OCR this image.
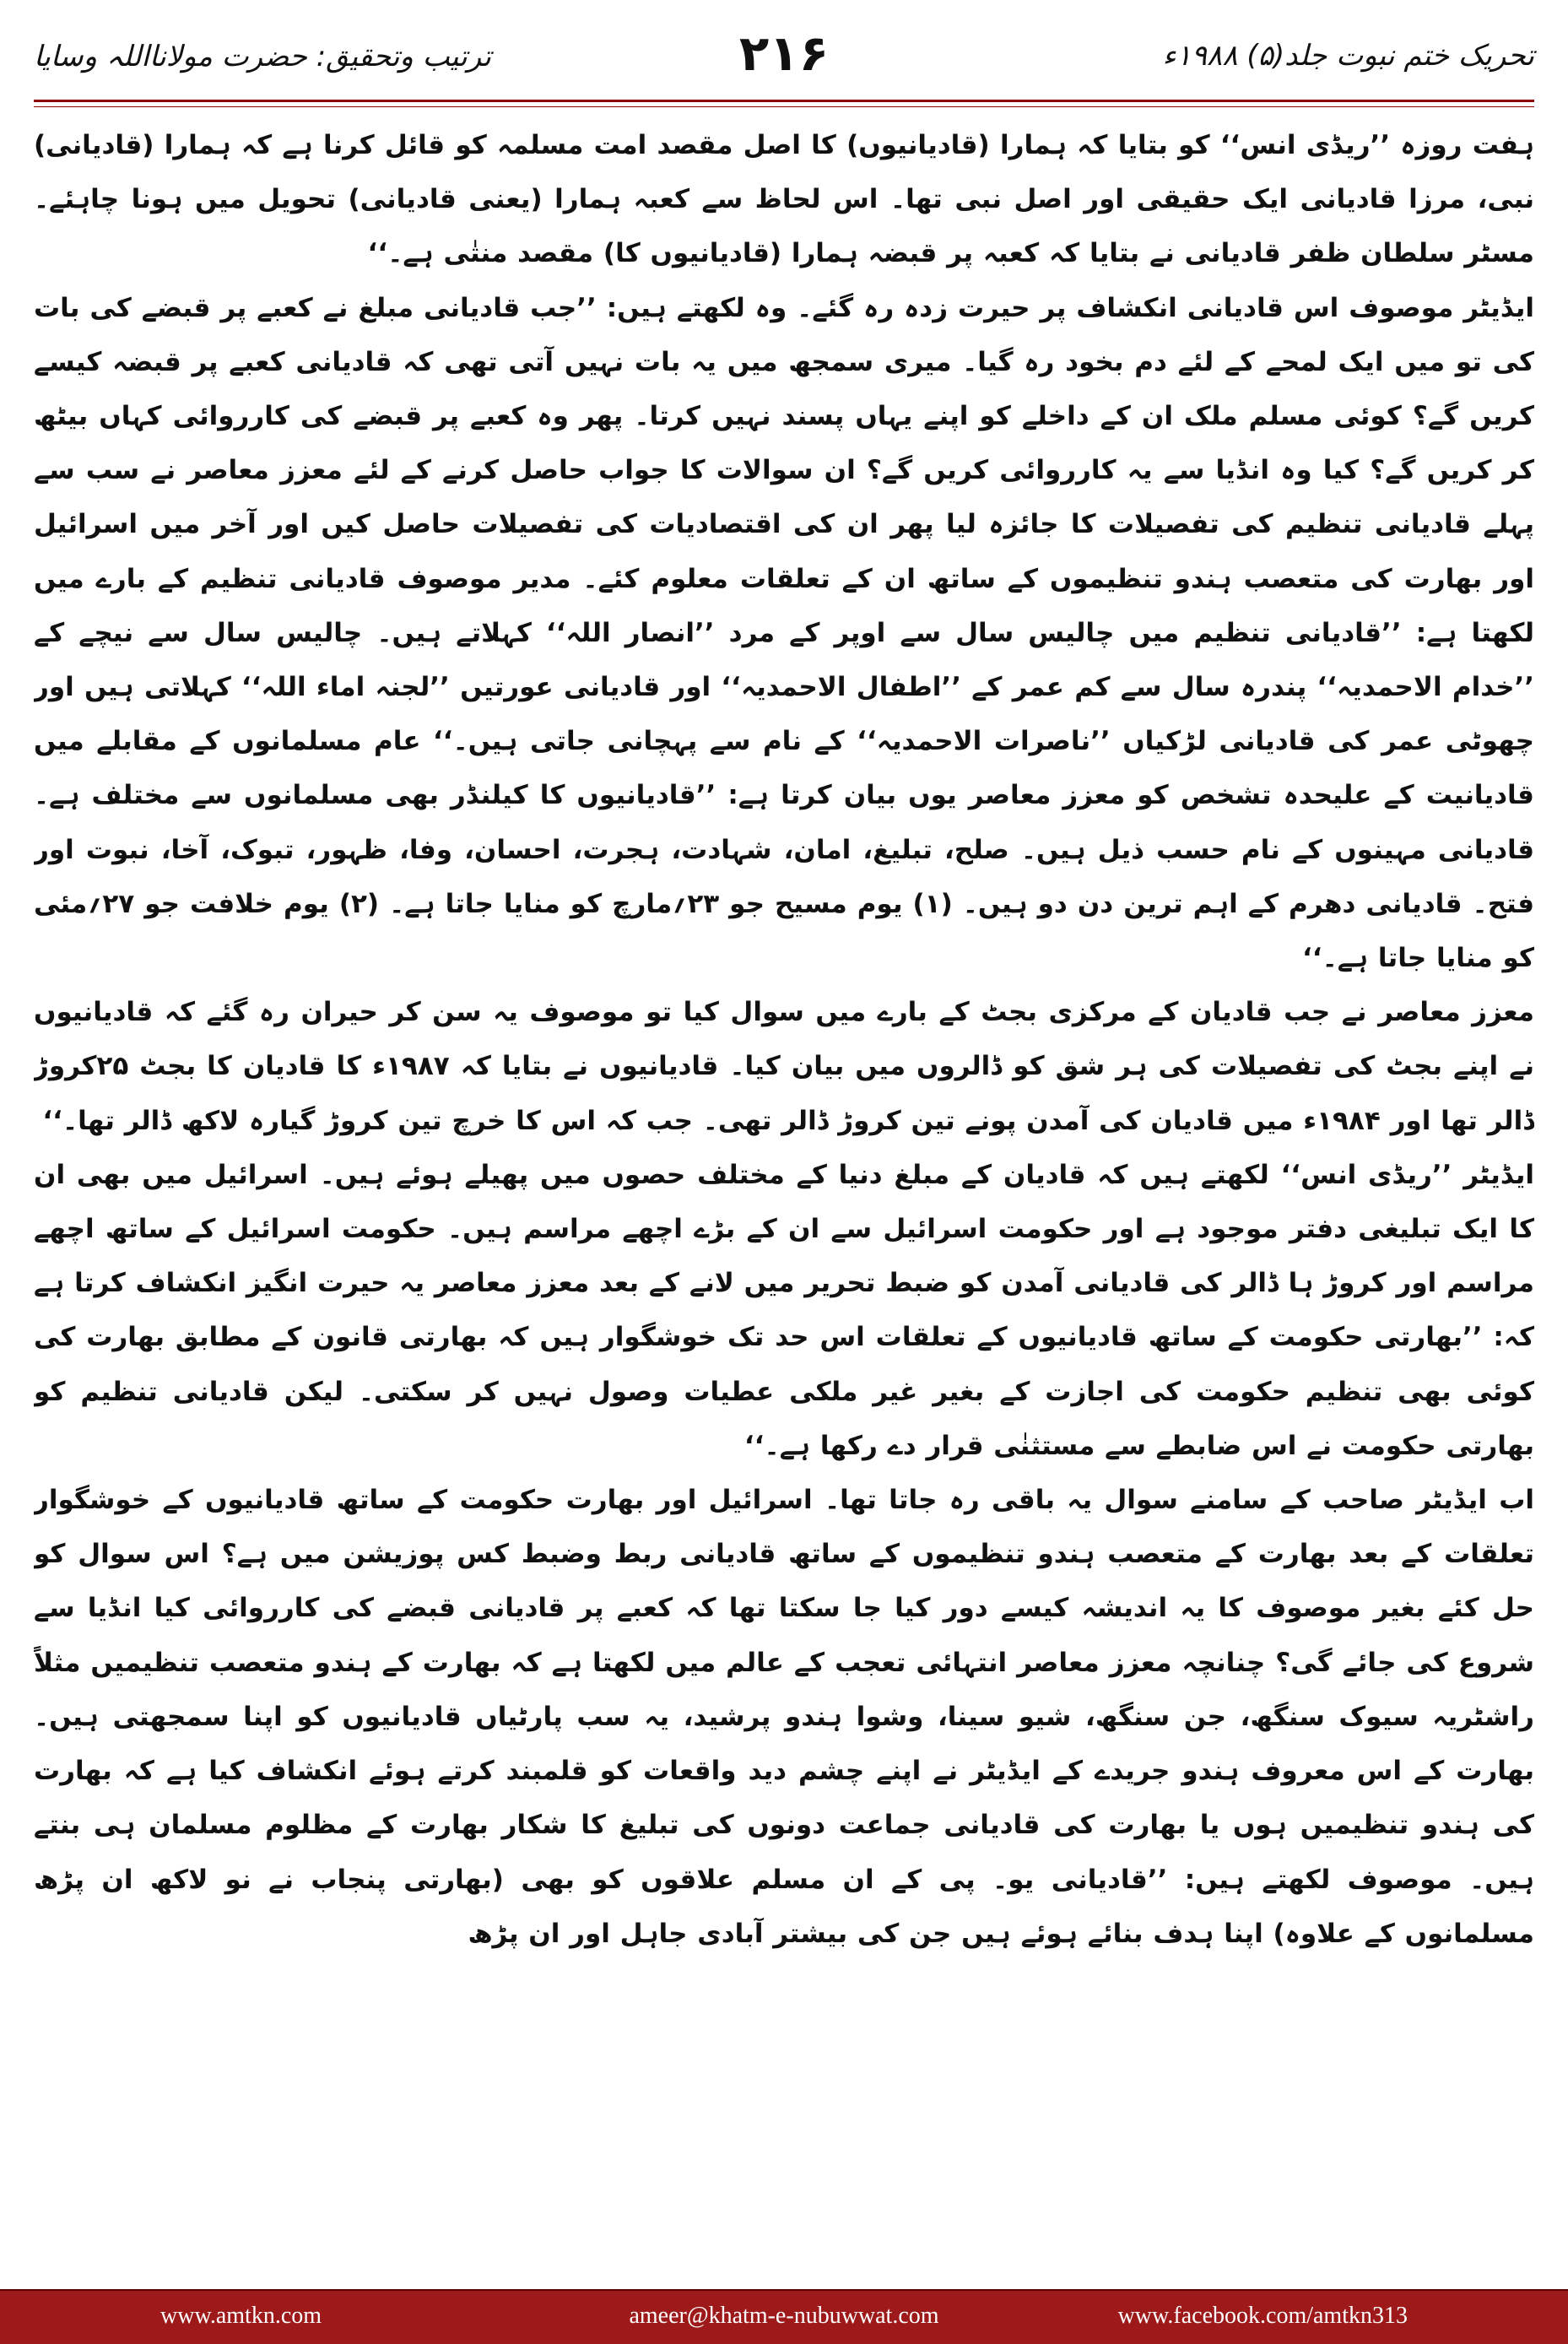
تحریک ختم نبوت جلد(۵) ۱۹۸۸ء
۲۱۶
ترتیب وتحقیق: حضرت مولانااللہ وسایا

ہفت روزہ ’’ریڈی انس‘‘ کو بتایا کہ ہمارا (قادیانیوں) کا اصل مقصد امت مسلمہ کو قائل کرنا ہے کہ ہمارا (قادیانی) نبی، مرزا قادیانی ایک حقیقی اور اصل نبی تھا۔ اس لحاظ سے کعبہ ہمارا (یعنی قادیانی) تحویل میں ہونا چاہئے۔ مسٹر سلطان ظفر قادیانی نے بتایا کہ کعبہ پر قبضہ ہمارا (قادیانیوں کا) مقصد منتٰی ہے۔‘‘

ایڈیٹر موصوف اس قادیانی انکشاف پر حیرت زدہ رہ گئے۔ وہ لکھتے ہیں: ’’جب قادیانی مبلغ نے کعبے پر قبضے کی بات کی تو میں ایک لمحے کے لئے دم بخود رہ گیا۔ میری سمجھ میں یہ بات نہیں آتی تھی کہ قادیانی کعبے پر قبضہ کیسے کریں گے؟ کوئی مسلم ملک ان کے داخلے کو اپنے یہاں پسند نہیں کرتا۔ پھر وہ کعبے پر قبضے کی کارروائی کہاں بیٹھ کر کریں گے؟ کیا وہ انڈیا سے یہ کارروائی کریں گے؟ ان سوالات کا جواب حاصل کرنے کے لئے معزز معاصر نے سب سے پہلے قادیانی تنظیم کی تفصیلات کا جائزہ لیا پھر ان کی اقتصادیات کی تفصیلات حاصل کیں اور آخر میں اسرائیل اور بھارت کی متعصب ہندو تنظیموں کے ساتھ ان کے تعلقات معلوم کئے۔ مدیر موصوف قادیانی تنظیم کے بارے میں لکھتا ہے: ’’قادیانی تنظیم میں چالیس سال سے اوپر کے مرد ’’انصار اللہ‘‘ کہلاتے ہیں۔ چالیس سال سے نیچے کے ’’خدام الاحمدیہ‘‘ پندرہ سال سے کم عمر کے ’’اطفال الاحمدیہ‘‘ اور قادیانی عورتیں ’’لجنہ اماء اللہ‘‘ کہلاتی ہیں اور چھوٹی عمر کی قادیانی لڑکیاں ’’ناصرات الاحمدیہ‘‘ کے نام سے پہچانی جاتی ہیں۔‘‘ عام مسلمانوں کے مقابلے میں قادیانیت کے علیحدہ تشخص کو معزز معاصر یوں بیان کرتا ہے: ’’قادیانیوں کا کیلنڈر بھی مسلمانوں سے مختلف ہے۔ قادیانی مہینوں کے نام حسب ذیل ہیں۔ صلح، تبلیغ، امان، شہادت، ہجرت، احسان، وفا، ظہور، تبوک، آخا، نبوت اور فتح۔ قادیانی دھرم کے اہم ترین دن دو ہیں۔ (۱) یوم مسیح جو ۲۳؍مارچ کو منایا جاتا ہے۔ (۲) یوم خلافت جو ۲۷؍مئی کو منایا جاتا ہے۔‘‘

معزز معاصر نے جب قادیان کے مرکزی بجٹ کے بارے میں سوال کیا تو موصوف یہ سن کر حیران رہ گئے کہ قادیانیوں نے اپنے بجٹ کی تفصیلات کی ہر شق کو ڈالروں میں بیان کیا۔ قادیانیوں نے بتایا کہ ۱۹۸۷ء کا قادیان کا بجٹ ۲۵کروڑ ڈالر تھا اور ۱۹۸۴ء میں قادیان کی آمدن پونے تین کروڑ ڈالر تھی۔ جب کہ اس کا خرچ تین کروڑ گیارہ لاکھ ڈالر تھا۔‘‘

ایڈیٹر ’’ریڈی انس‘‘ لکھتے ہیں کہ قادیان کے مبلغ دنیا کے مختلف حصوں میں پھیلے ہوئے ہیں۔ اسرائیل میں بھی ان کا ایک تبلیغی دفتر موجود ہے اور حکومت اسرائیل سے ان کے بڑے اچھے مراسم ہیں۔ حکومت اسرائیل کے ساتھ اچھے مراسم اور کروڑ ہا ڈالر کی قادیانی آمدن کو ضبط تحریر میں لانے کے بعد معزز معاصر یہ حیرت انگیز انکشاف کرتا ہے کہ: ’’بھارتی حکومت کے ساتھ قادیانیوں کے تعلقات اس حد تک خوشگوار ہیں کہ بھارتی قانون کے مطابق بھارت کی کوئی بھی تنظیم حکومت کی اجازت کے بغیر غیر ملکی عطیات وصول نہیں کر سکتی۔ لیکن قادیانی تنظیم کو بھارتی حکومت نے اس ضابطے سے مستثنٰی قرار دے رکھا ہے۔‘‘

اب ایڈیٹر صاحب کے سامنے سوال یہ باقی رہ جاتا تھا۔ اسرائیل اور بھارت حکومت کے ساتھ قادیانیوں کے خوشگوار تعلقات کے بعد بھارت کے متعصب ہندو تنظیموں کے ساتھ قادیانی ربط وضبط کس پوزیشن میں ہے؟ اس سوال کو حل کئے بغیر موصوف کا یہ اندیشہ کیسے دور کیا جا سکتا تھا کہ کعبے پر قادیانی قبضے کی کارروائی کیا انڈیا سے شروع کی جائے گی؟ چنانچہ معزز معاصر انتہائی تعجب کے عالم میں لکھتا ہے کہ بھارت کے ہندو متعصب تنظیمیں مثلاً راشٹریہ سیوک سنگھ، جن سنگھ، شیو سینا، وشوا ہندو پرشید، یہ سب پارٹیاں قادیانیوں کو اپنا سمجھتی ہیں۔ بھارت کے اس معروف ہندو جریدے کے ایڈیٹر نے اپنے چشم دید واقعات کو قلمبند کرتے ہوئے انکشاف کیا ہے کہ بھارت کی ہندو تنظیمیں ہوں یا بھارت کی قادیانی جماعت دونوں کی تبلیغ کا شکار بھارت کے مظلوم مسلمان ہی بنتے ہیں۔ موصوف لکھتے ہیں: ’’قادیانی یو۔ پی کے ان مسلم علاقوں کو بھی (بھارتی پنجاب نے نو لاکھ ان پڑھ مسلمانوں کے علاوہ) اپنا ہدف بنائے ہوئے ہیں جن کی بیشتر آبادی جاہل اور ان پڑھ

www.amtkn.com	ameer@khatm-e-nubuwwat.com	www.facebook.com/amtkn313
